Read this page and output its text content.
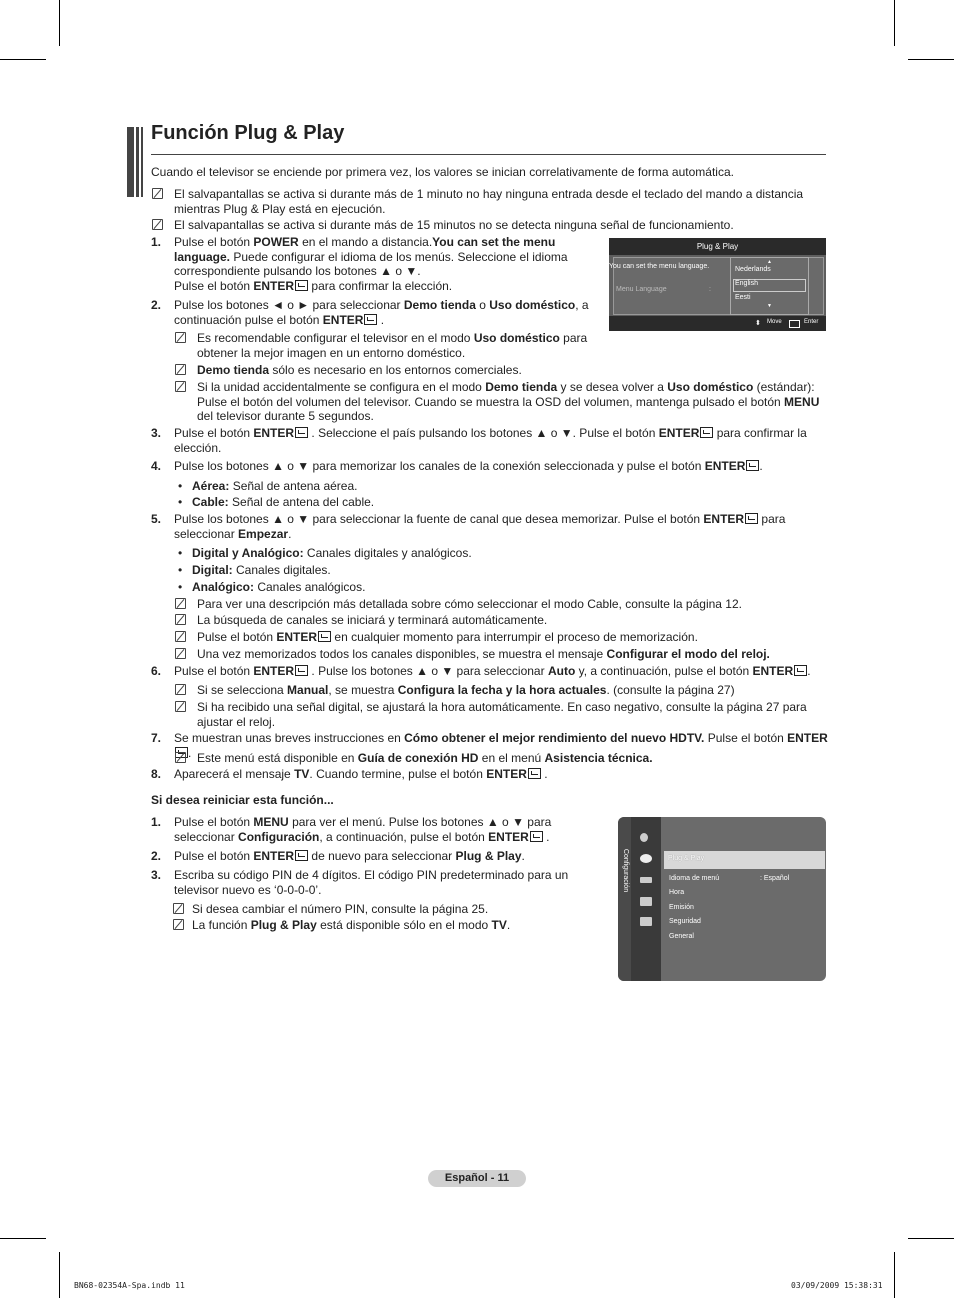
Función Plug & Play
Cuando el televisor se enciende por primera vez, los valores se inician correlativamente de forma automática.
El salvapantallas se activa si durante más de 1 minuto no hay ninguna entrada desde el teclado del mando a distancia mientras Plug & Play está en ejecución.
El salvapantallas se activa si durante más de 15 minutos no se detecta ninguna señal de funcionamiento.
1. Pulse el botón POWER en el mando a distancia.You can set the menu language. Puede configurar el idioma de los menús. Seleccione el idioma correspondiente pulsando los botones ▲ o ▼.
Pulse el botón ENTER para confirmar la elección.
Plug & Play
You can set the menu language.
Menu Language	:
▲
Nederlands
English
Eesti
▼
⬍ Move	Enter
2. Pulse los botones ◄ o ► para seleccionar Demo tienda o Uso doméstico, a continuación pulse el botón ENTER .
Es recomendable configurar el televisor en el modo Uso doméstico para obtener la mejor imagen en un entorno doméstico.
Demo tienda sólo es necesario en los entornos comerciales.
Si la unidad accidentalmente se configura en el modo Demo tienda y se desea volver a Uso doméstico (estándar):
Pulse el botón del volumen del televisor. Cuando se muestra la OSD del volumen, mantenga pulsado el botón MENU del televisor durante 5 segundos.
3. Pulse el botón ENTER . Seleccione el país pulsando los botones ▲ o ▼. Pulse el botón ENTER para confirmar la elección.
4. Pulse los botones ▲ o ▼ para memorizar los canales de la conexión seleccionada y pulse el botón ENTER .
• Aérea: Señal de antena aérea.
• Cable: Señal de antena del cable.
5. Pulse los botones ▲ o ▼ para seleccionar la fuente de canal que desea memorizar. Pulse el botón ENTER para seleccionar Empezar.
• Digital y Analógico: Canales digitales y analógicos.
• Digital: Canales digitales.
• Analógico: Canales analógicos.
Para ver una descripción más detallada sobre cómo seleccionar el modo Cable, consulte la página 12.
La búsqueda de canales se iniciará y terminará automáticamente.
Pulse el botón ENTER en cualquier momento para interrumpir el proceso de memorización.
Una vez memorizados todos los canales disponibles, se muestra el mensaje Configurar el modo del reloj.
6. Pulse el botón ENTER . Pulse los botones ▲ o ▼ para seleccionar Auto y, a continuación, pulse el botón ENTER .
Si se selecciona Manual, se muestra Configura la fecha y la hora actuales. (consulte la página 27)
Si ha recibido una señal digital, se ajustará la hora automáticamente. En caso negativo, consulte la página 27 para ajustar el reloj.
7. Se muestran unas breves instrucciones en Cómo obtener el mejor rendimiento del nuevo HDTV. Pulse el botón ENTER. Este menú está disponible en Guía de conexión HD en el menú Asistencia técnica.
8. Aparecerá el mensaje TV. Cuando termine, pulse el botón ENTER .
Si desea reiniciar esta función...
1. Pulse el botón MENU para ver el menú. Pulse los botones ▲ o ▼ para seleccionar Configuración, a continuación, pulse el botón ENTER .
2. Pulse el botón ENTER de nuevo para seleccionar Plug & Play.
3. Escriba su código PIN de 4 dígitos. El código PIN predeterminado para un televisor nuevo es ‘0-0-0-0’.
Si desea cambiar el número PIN, consulte la página 25.
La función Plug & Play está disponible sólo en el modo TV.
Configuración	Plug & Play
Idioma de menú	: Español
Hora
Emisión
Seguridad
General
Español - 11
BN68-02354A-Spa.indb 11	03/09/2009 15:38:31
